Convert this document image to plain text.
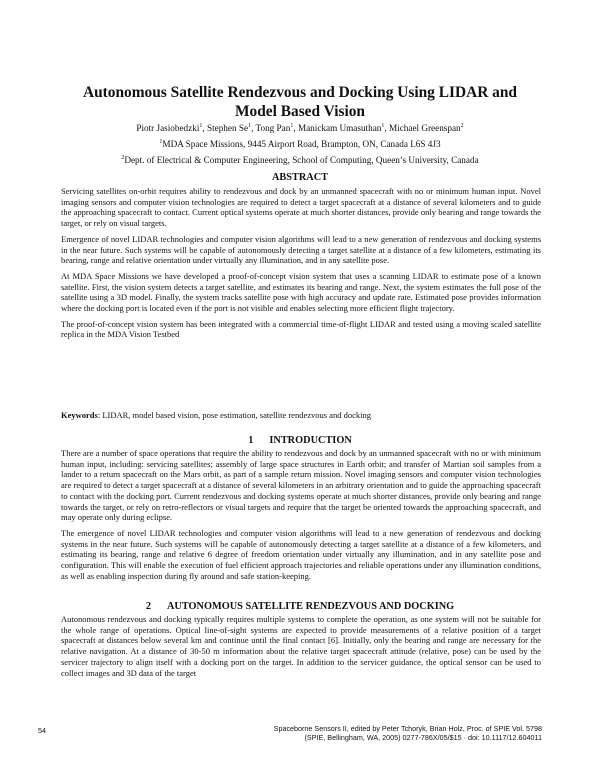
Autonomous Satellite Rendezvous and Docking Using LIDAR and Model Based Vision
Piotr Jasiobedzki$^1$, Stephen Se$^1$, Tong Pan$^1$, Manickam Umasuthan$^1$, Michael Greenspan$^2$
$^1$MDA Space Missions, 9445 Airport Road, Brampton, ON, Canada L6S 4J3
$^2$Dept. of Electrical & Computer Engineering, School of Computing, Queen’s University, Canada
ABSTRACT

Servicing satellites on-orbit requires ability to rendezvous and dock by an unmanned spacecraft with no or minimum human input. Novel imaging sensors and computer vision technologies are required to detect a target spacecraft at a distance of several kilometers and to guide the approaching spacecraft to contact. Current optical systems operate at much shorter distances, provide only bearing and range towards the target, or rely on visual targets.

Emergence of novel LIDAR technologies and computer vision algorithms will lead to a new generation of rendezvous and docking systems in the near future. Such systems will be capable of autonomously detecting a target satellite at a distance of a few kilometers, estimating its bearing, range and relative orientation under virtually any illumination, and in any satellite pose.

At MDA Space Missions we have developed a proof-of-concept vision system that uses a scanning LIDAR to estimate pose of a known satellite. First, the vision system detects a target satellite, and estimates its bearing and range. Next, the system estimates the full pose of the satellite using a 3D model. Finally, the system tracks satellite pose with high accuracy and update rate. Estimated pose provides information where the docking port is located even if the port is not visible and enables selecting more efficient flight trajectory.

The proof-of-concept vision system has been integrated with a commercial time-of-flight LIDAR and tested using a moving scaled satellite replica in the MDA Vision Testbed

Keywords: LIDAR, model based vision, pose estimation, satellite rendezvous and docking
1 INTRODUCTION

There are a number of space operations that require the ability to rendezvous and dock by an unmanned spacecraft with no or with minimum human input, including: servicing satellites; assembly of large space structures in Earth orbit; and transfer of Martian soil samples from a lander to a return spacecraft on the Mars orbit, as part of a sample return mission. Novel imaging sensors and computer vision technologies are required to detect a target spacecraft at a distance of several kilometers in an arbitrary orientation and to guide the approaching spacecraft to contact with the docking port. Current rendezvous and docking systems operate at much shorter distances, provide only bearing and range towards the target, or rely on retro-reflectors or visual targets and require that the target be oriented towards the approaching spacecraft, and may operate only during eclipse.

The emergence of novel LIDAR technologies and computer vision algorithms will lead to a new generation of rendezvous and docking systems in the near future. Such systems will be capable of autonomously detecting a target satellite at a distance of a few kilometers, and estimating its bearing, range and relative 6 degree of freedom orientation under virtually any illumination, and in any satellite pose and configuration. This will enable the execution of fuel efficient approach trajectories and reliable operations under any illumination conditions, as well as enabling inspection during fly around and safe station-keeping.

2 AUTONOMOUS SATELLITE RENDEZVOUS AND DOCKING

Autonomous rendezvous and docking typically requires multiple systems to complete the operation, as one system will not be suitable for the whole range of operations. Optical line-of-sight systems are expected to provide measurements of a relative position of a target spacecraft at distances below several km and continue until the final contact [6]. Initially, only the bearing and range are necessary for the relative navigation. At a distance of 30-50 m information about the relative target spacecraft attitude (relative, pose) can be used by the servicer trajectory to align itself with a docking port on the target. In addition to the servicer guidance, the optical sensor can be used to collect images and 3D data of the target

54	Spaceborne Sensors II, edited by Peter Tchoryk, Brian Holz, Proc. of SPIE Vol. 5798
(SPIE, Bellingham, WA, 2005) 0277-786X/05/$15 · doi: 10.1117/12.604011
